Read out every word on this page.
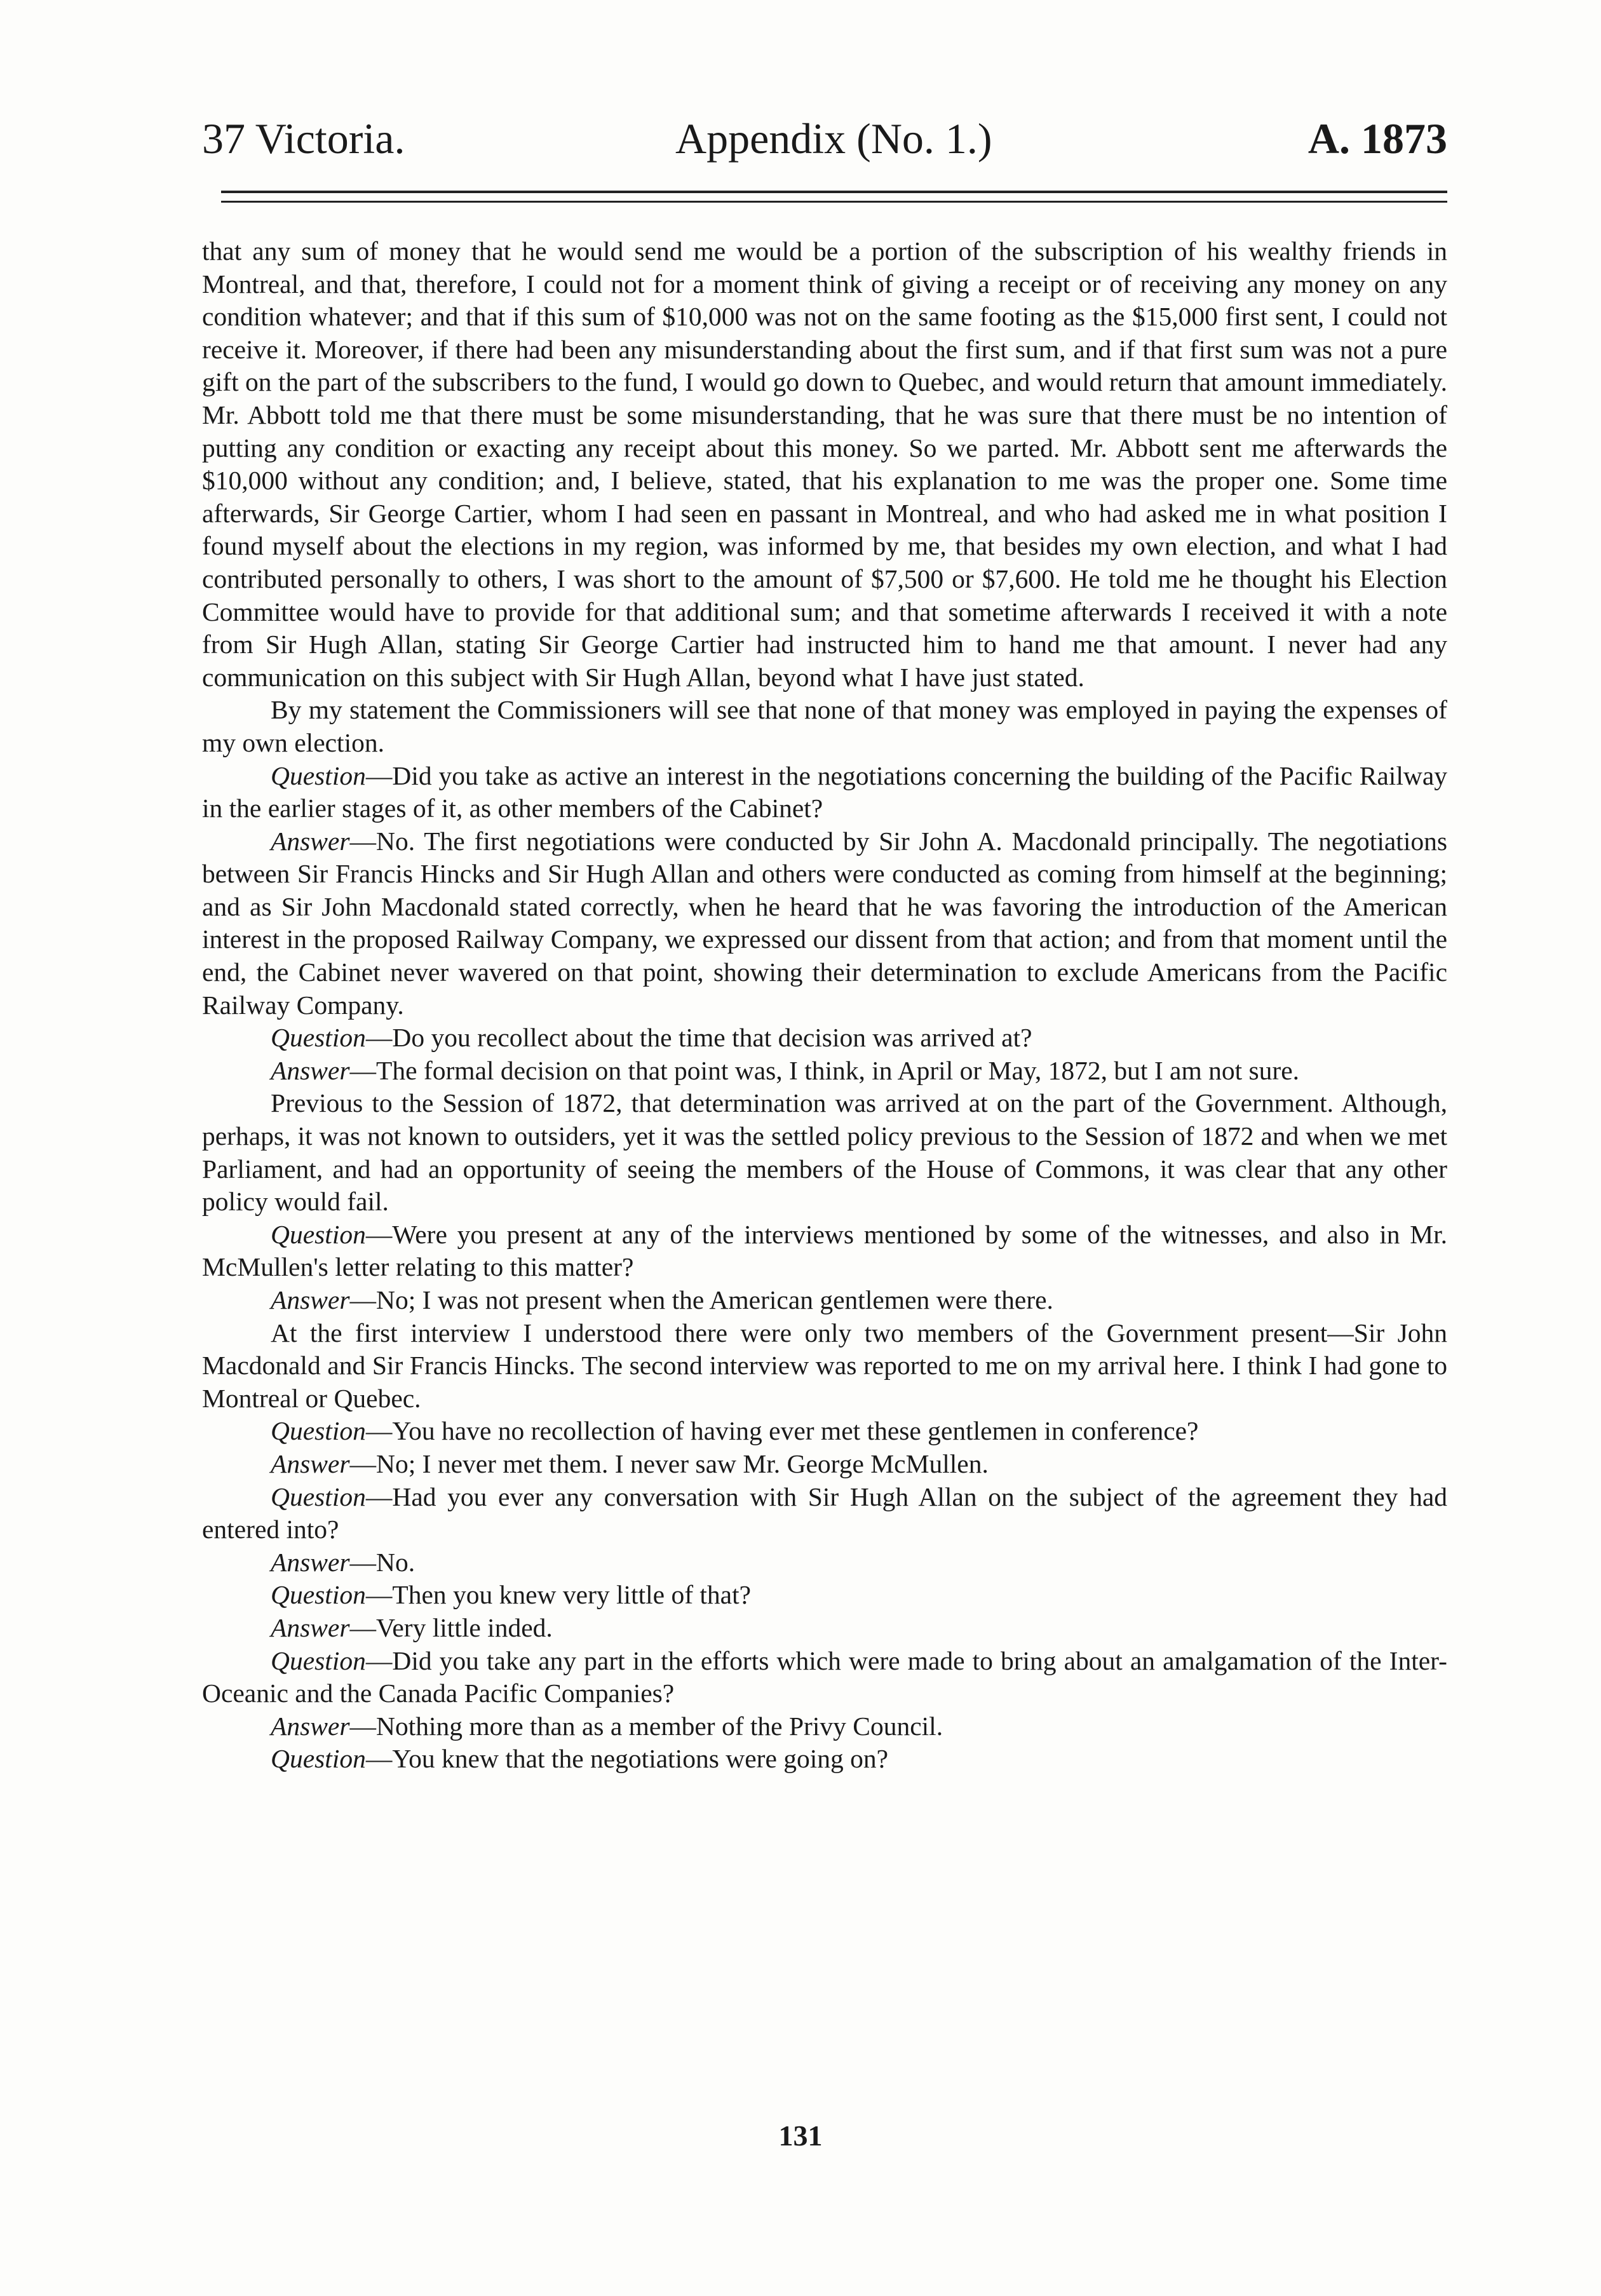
37 Victoria.	Appendix (No. 1.)	A. 1873

that any sum of money that he would send me would be a portion of the subscription of his wealthy friends in Montreal, and that, therefore, I could not for a moment think of giving a receipt or of receiving any money on any condition whatever; and that if this sum of $10,000 was not on the same footing as the $15,000 first sent, I could not receive it. Moreover, if there had been any misunderstanding about the first sum, and if that first sum was not a pure gift on the part of the subscribers to the fund, I would go down to Quebec, and would return that amount immediately. Mr. Abbott told me that there must be some misunderstanding, that he was sure that there must be no intention of putting any condition or exacting any receipt about this money. So we parted. Mr. Abbott sent me afterwards the $10,000 without any condition; and, I believe, stated, that his explanation to me was the proper one. Some time afterwards, Sir George Cartier, whom I had seen en passant in Montreal, and who had asked me in what position I found myself about the elections in my region, was informed by me, that besides my own election, and what I had contributed personally to others, I was short to the amount of $7,500 or $7,600. He told me he thought his Election Committee would have to provide for that additional sum; and that sometime afterwards I received it with a note from Sir Hugh Allan, stating Sir George Cartier had instructed him to hand me that amount. I never had any communication on this subject with Sir Hugh Allan, beyond what I have just stated.

By my statement the Commissioners will see that none of that money was employed in paying the expenses of my own election.

Question—Did you take as active an interest in the negotiations concerning the building of the Pacific Railway in the earlier stages of it, as other members of the Cabinet?

Answer—No. The first negotiations were conducted by Sir John A. Macdonald principally. The negotiations between Sir Francis Hincks and Sir Hugh Allan and others were conducted as coming from himself at the beginning; and as Sir John Macdonald stated correctly, when he heard that he was favoring the introduction of the American interest in the proposed Railway Company, we expressed our dissent from that action; and from that moment until the end, the Cabinet never wavered on that point, showing their determination to exclude Americans from the Pacific Railway Company.

Question—Do you recollect about the time that decision was arrived at?

Answer—The formal decision on that point was, I think, in April or May, 1872, but I am not sure.

Previous to the Session of 1872, that determination was arrived at on the part of the Government. Although, perhaps, it was not known to outsiders, yet it was the settled policy previous to the Session of 1872 and when we met Parliament, and had an opportunity of seeing the members of the House of Commons, it was clear that any other policy would fail.

Question—Were you present at any of the interviews mentioned by some of the witnesses, and also in Mr. McMullen's letter relating to this matter?

Answer—No; I was not present when the American gentlemen were there.

At the first interview I understood there were only two members of the Government present—Sir John Macdonald and Sir Francis Hincks. The second interview was reported to me on my arrival here. I think I had gone to Montreal or Quebec.

Question—You have no recollection of having ever met these gentlemen in conference?

Answer—No; I never met them. I never saw Mr. George McMullen.

Question—Had you ever any conversation with Sir Hugh Allan on the subject of the agreement they had entered into?

Answer—No.

Question—Then you knew very little of that?

Answer—Very little inded.

Question—Did you take any part in the efforts which were made to bring about an amalgamation of the Inter-Oceanic and the Canada Pacific Companies?

Answer—Nothing more than as a member of the Privy Council.

Question—You knew that the negotiations were going on?

131
